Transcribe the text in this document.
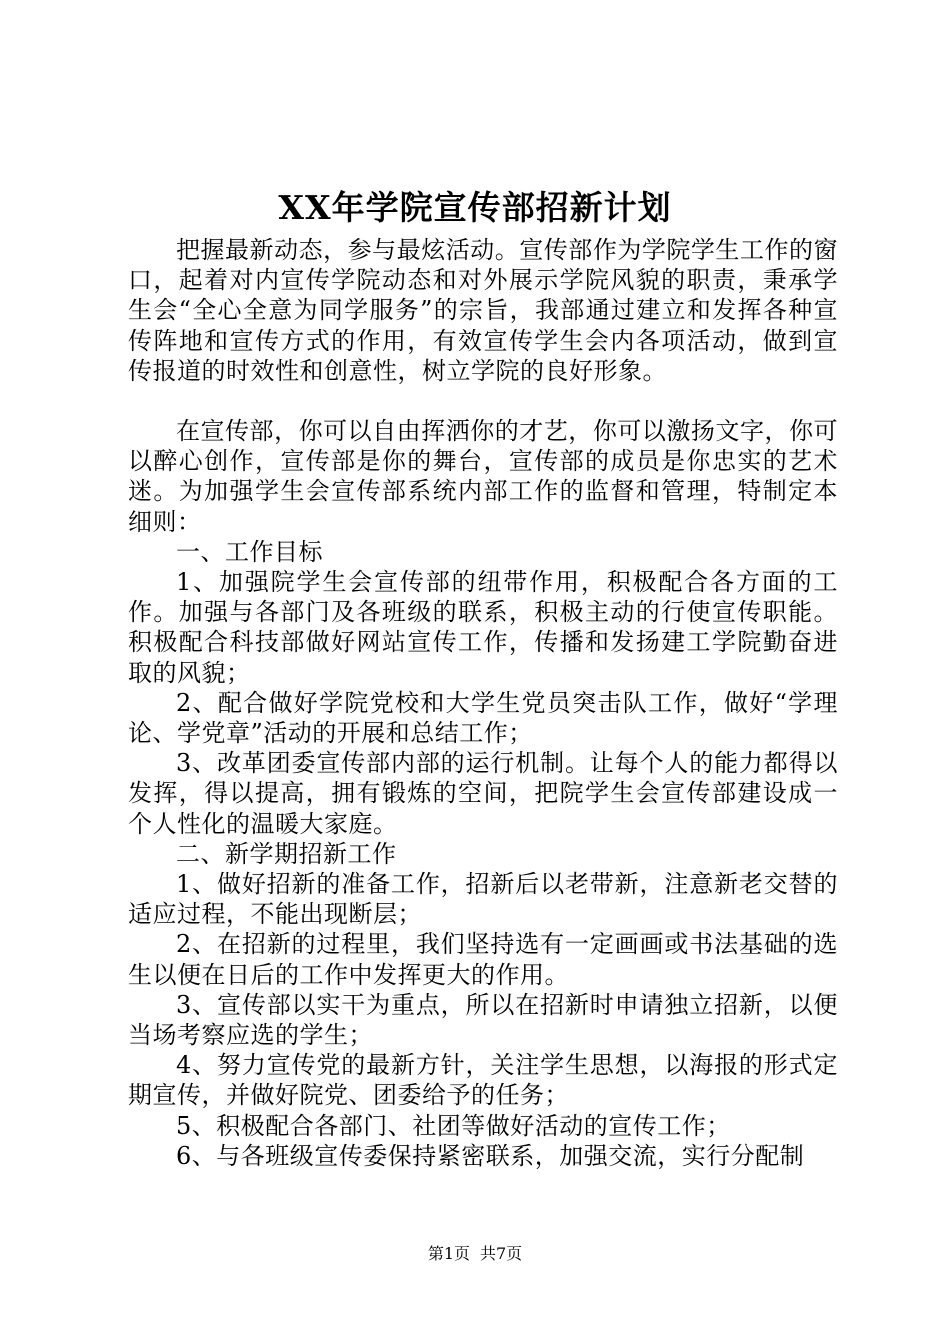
XX年学院宣传部招新计划

把握最新动态，参与最炫活动。宣传部作为学院学生工作的窗口，起着对内宣传学院动态和对外展示学院风貌的职责，秉承学生会“全心全意为同学服务”的宗旨，我部通过建立和发挥各种宣传阵地和宣传方式的作用，有效宣传学生会内各项活动，做到宣传报道的时效性和创意性，树立学院的良好形象。

在宣传部，你可以自由挥洒你的才艺，你可以激扬文字，你可以醉心创作，宣传部是你的舞台，宣传部的成员是你忠实的艺术迷。为加强学生会宣传部系统内部工作的监督和管理，特制定本细则：

一、工作目标

1、加强院学生会宣传部的纽带作用，积极配合各方面的工作。加强与各部门及各班级的联系，积极主动的行使宣传职能。积极配合科技部做好网站宣传工作，传播和发扬建工学院勤奋进取的风貌；

2、配合做好学院党校和大学生党员突击队工作，做好“学理论、学党章”活动的开展和总结工作；

3、改革团委宣传部内部的运行机制。让每个人的能力都得以发挥，得以提高，拥有锻炼的空间，把院学生会宣传部建设成一个人性化的温暖大家庭。

二、新学期招新工作

1、做好招新的准备工作，招新后以老带新，注意新老交替的适应过程，不能出现断层；

2、在招新的过程里，我们坚持选有一定画画或书法基础的选生以便在日后的工作中发挥更大的作用。

3、宣传部以实干为重点，所以在招新时申请独立招新，以便当场考察应选的学生；

4、努力宣传党的最新方针，关注学生思想，以海报的形式定期宣传，并做好院党、团委给予的任务；

5、积极配合各部门、社团等做好活动的宣传工作；

6、与各班级宣传委保持紧密联系，加强交流，实行分配制

第1页 共7页
